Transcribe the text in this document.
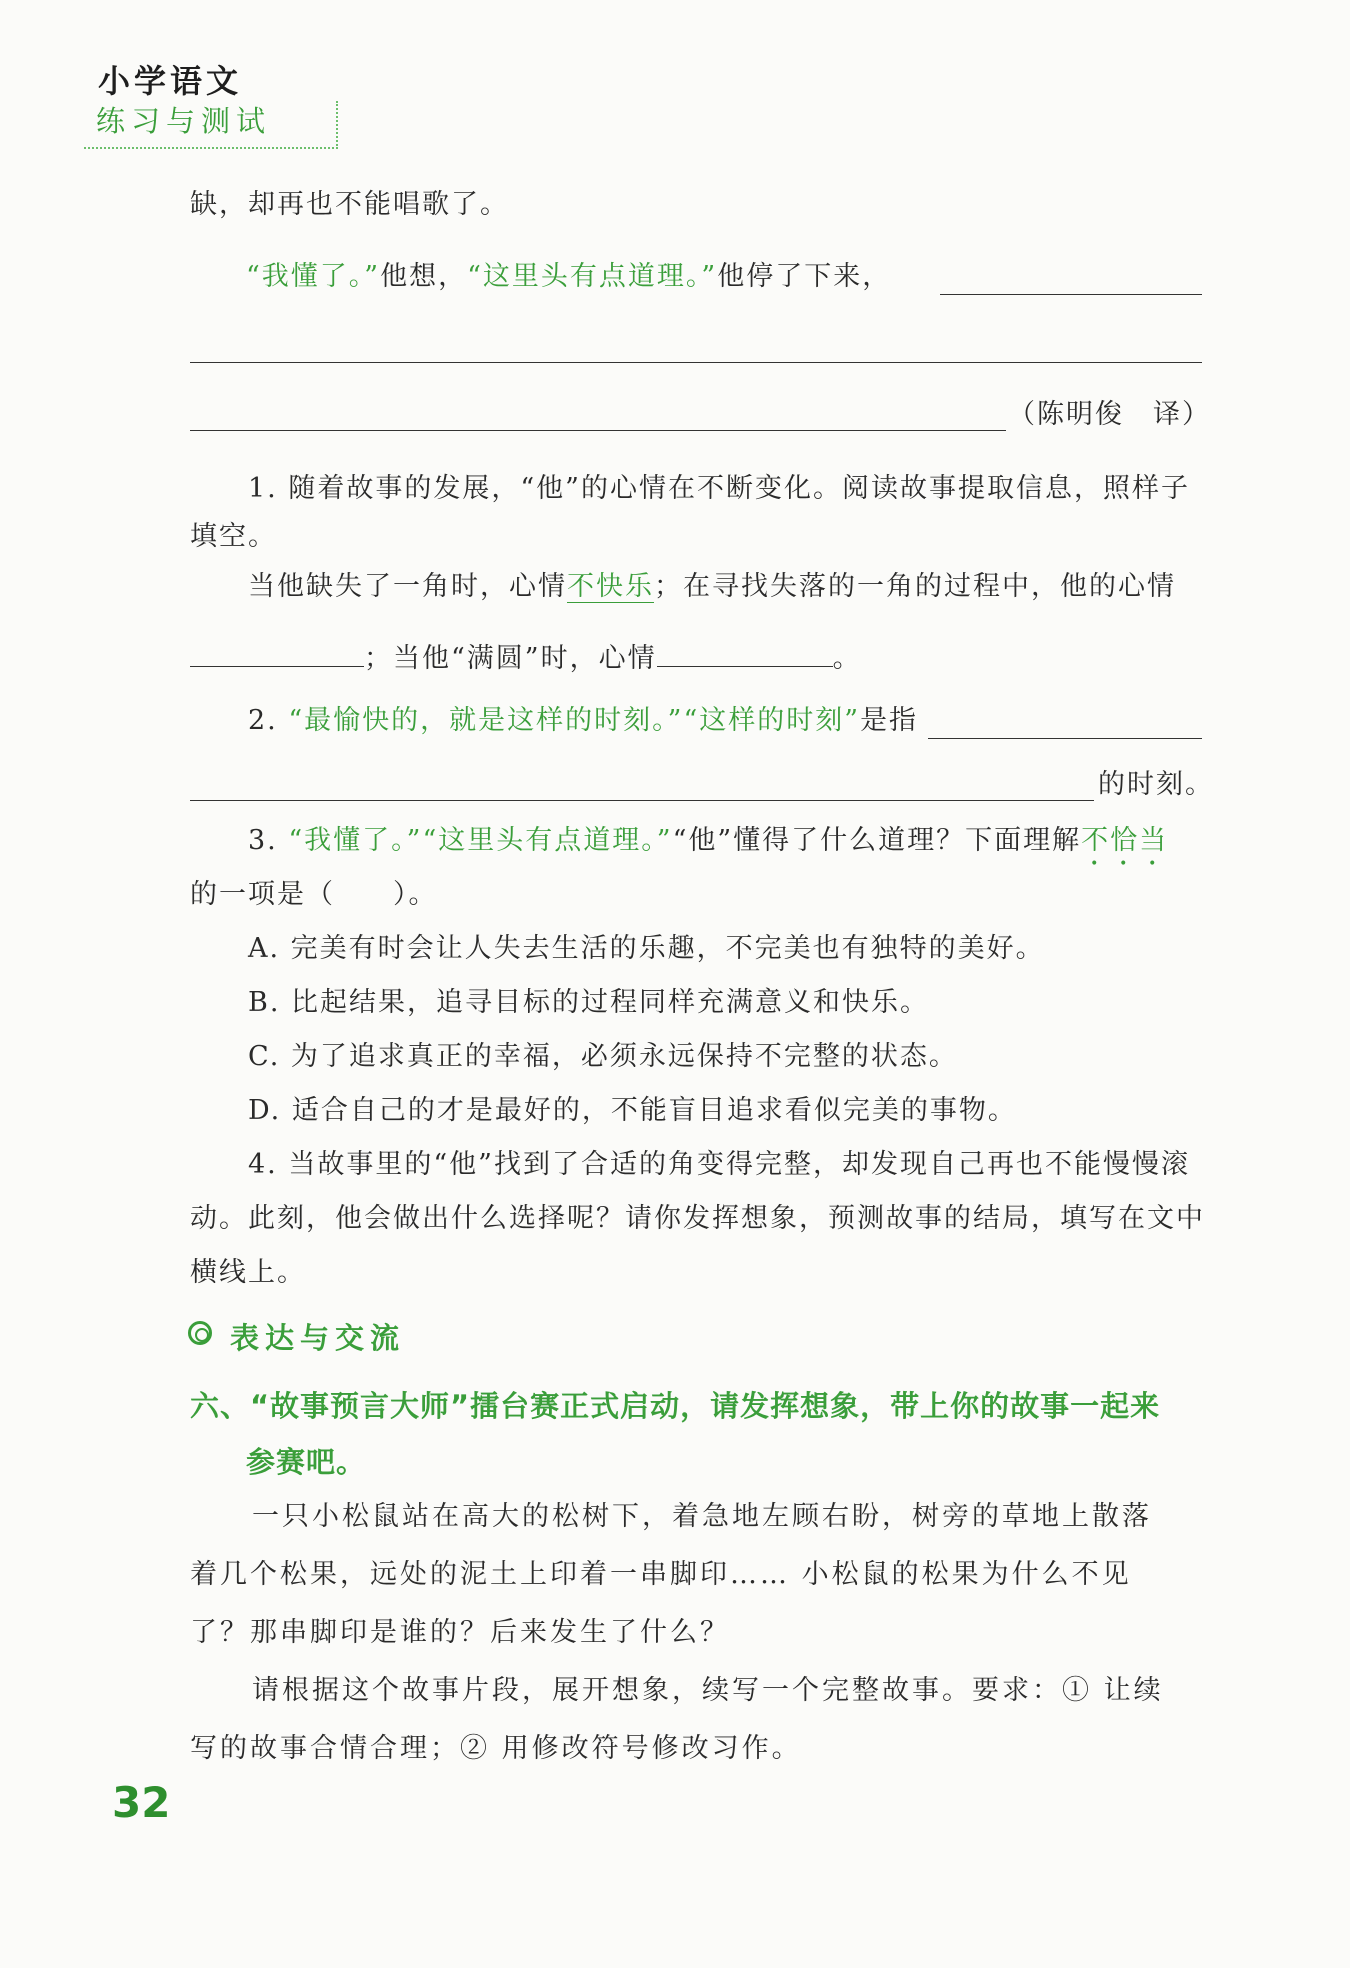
小学语文
练习与测试
缺，却再也不能唱歌了。
“我懂了。”他想，“这里头有点道理。”他停了下来，
（陈明俊　译）
1. 随着故事的发展，“他”的心情在不断变化。阅读故事提取信息，照样子
填空。
当他缺失了一角时，心情不快乐；在寻找失落的一角的过程中，他的心情
；当他“满圆”时，心情	。
2. “最愉快的，就是这样的时刻。”“这样的时刻”是指
的时刻。
3. “我懂了。”“这里头有点道理。”“他”懂得了什么道理？下面理解不恰当
的一项是（　　）。
A. 完美有时会让人失去生活的乐趣，不完美也有独特的美好。
B. 比起结果，追寻目标的过程同样充满意义和快乐。
C. 为了追求真正的幸福，必须永远保持不完整的状态。
D. 适合自己的才是最好的，不能盲目追求看似完美的事物。
4. 当故事里的“他”找到了合适的角变得完整，却发现自己再也不能慢慢滚
动。此刻，他会做出什么选择呢？请你发挥想象，预测故事的结局，填写在文中
横线上。
表达与交流
六、“故事预言大师”擂台赛正式启动，请发挥想象，带上你的故事一起来
参赛吧。
一只小松鼠站在高大的松树下，着急地左顾右盼，树旁的草地上散落
着几个松果，远处的泥土上印着一串脚印…… 小松鼠的松果为什么不见
了？那串脚印是谁的？后来发生了什么？
请根据这个故事片段，展开想象，续写一个完整故事。要求：① 让续
写的故事合情合理；② 用修改符号修改习作。
32
